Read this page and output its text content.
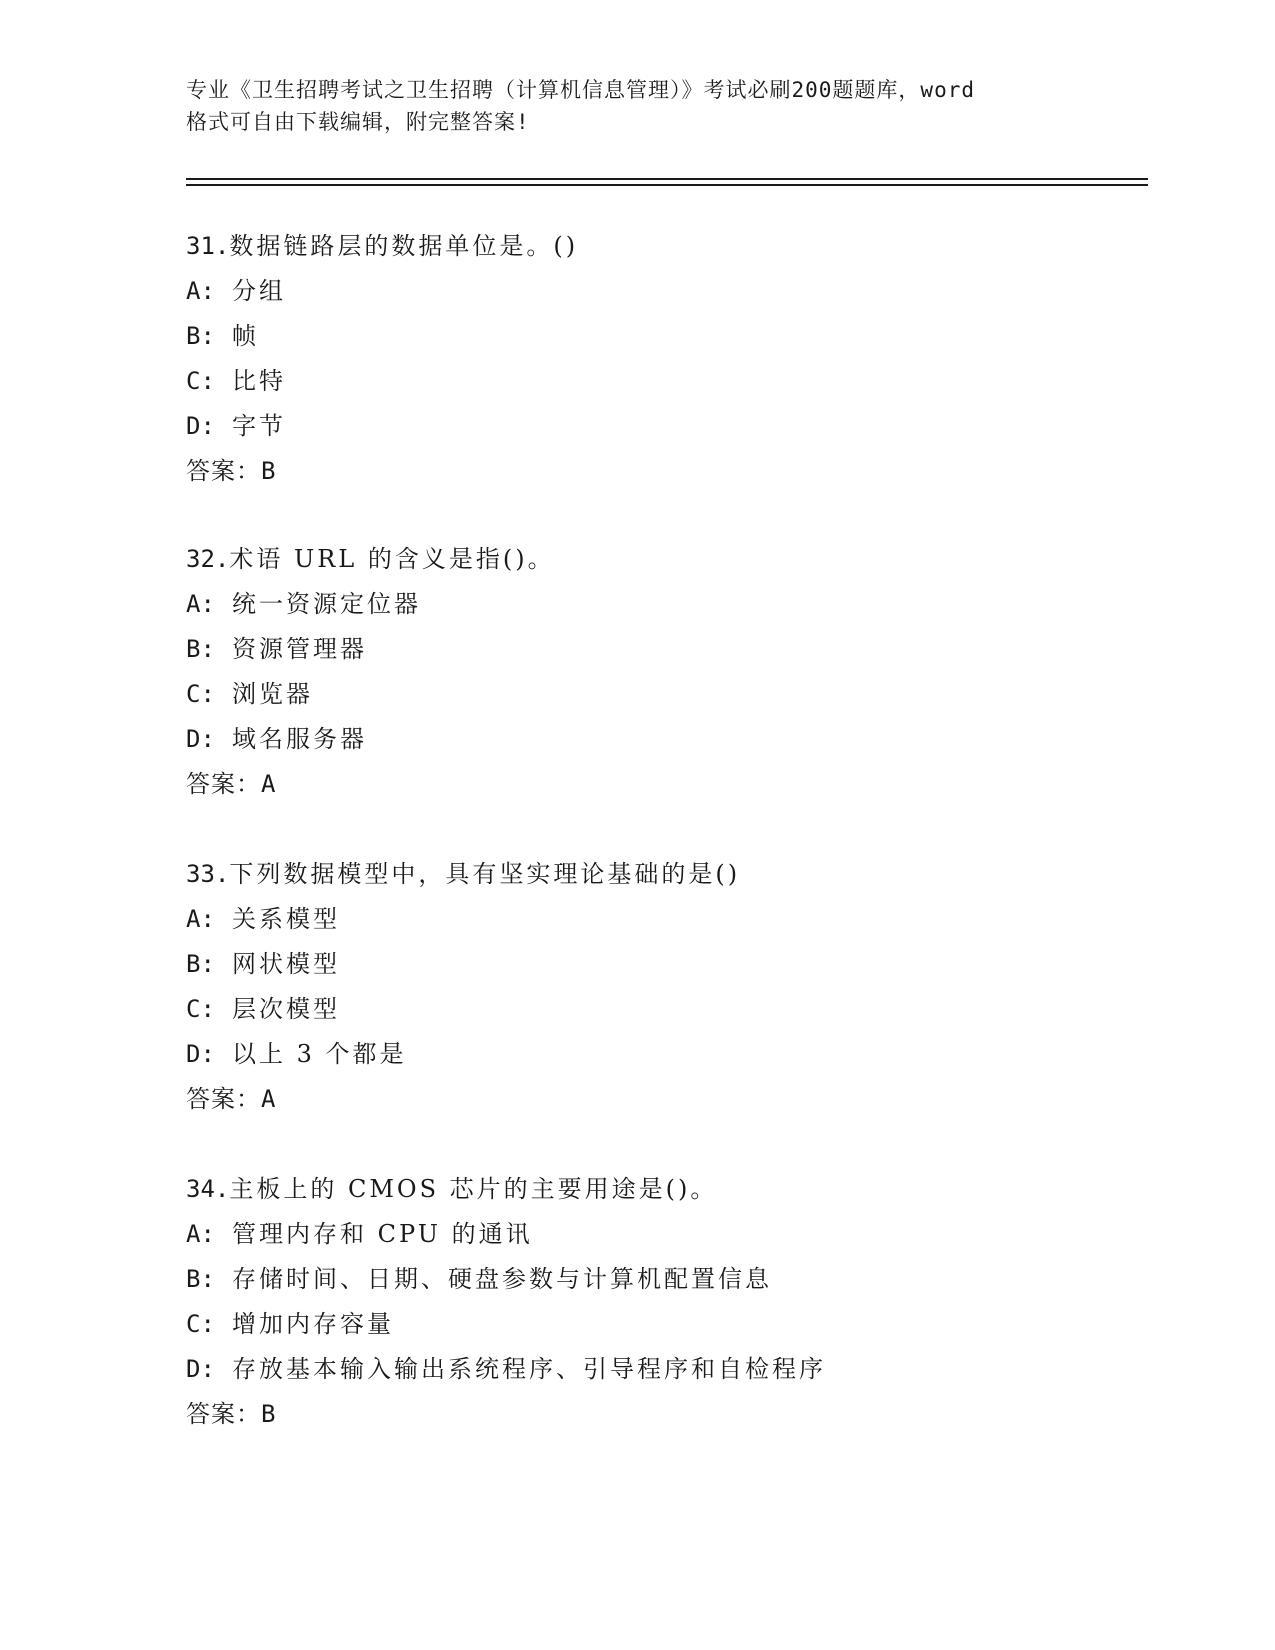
专业《卫生招聘考试之卫生招聘（计算机信息管理）》考试必刷200题题库，word
格式可自由下载编辑，附完整答案!
31.数据链路层的数据单位是。()
A: 分组
B: 帧
C: 比特
D: 字节
答案：B
32.术语 URL 的含义是指()。
A: 统一资源定位器
B: 资源管理器
C: 浏览器
D: 域名服务器
答案：A
33.下列数据模型中，具有坚实理论基础的是()
A: 关系模型
B: 网状模型
C: 层次模型
D: 以上 3 个都是
答案：A
34.主板上的 CMOS 芯片的主要用途是()。
A: 管理内存和 CPU 的通讯
B: 存储时间、日期、硬盘参数与计算机配置信息
C: 增加内存容量
D: 存放基本输入输出系统程序、引导程序和自检程序
答案：B
